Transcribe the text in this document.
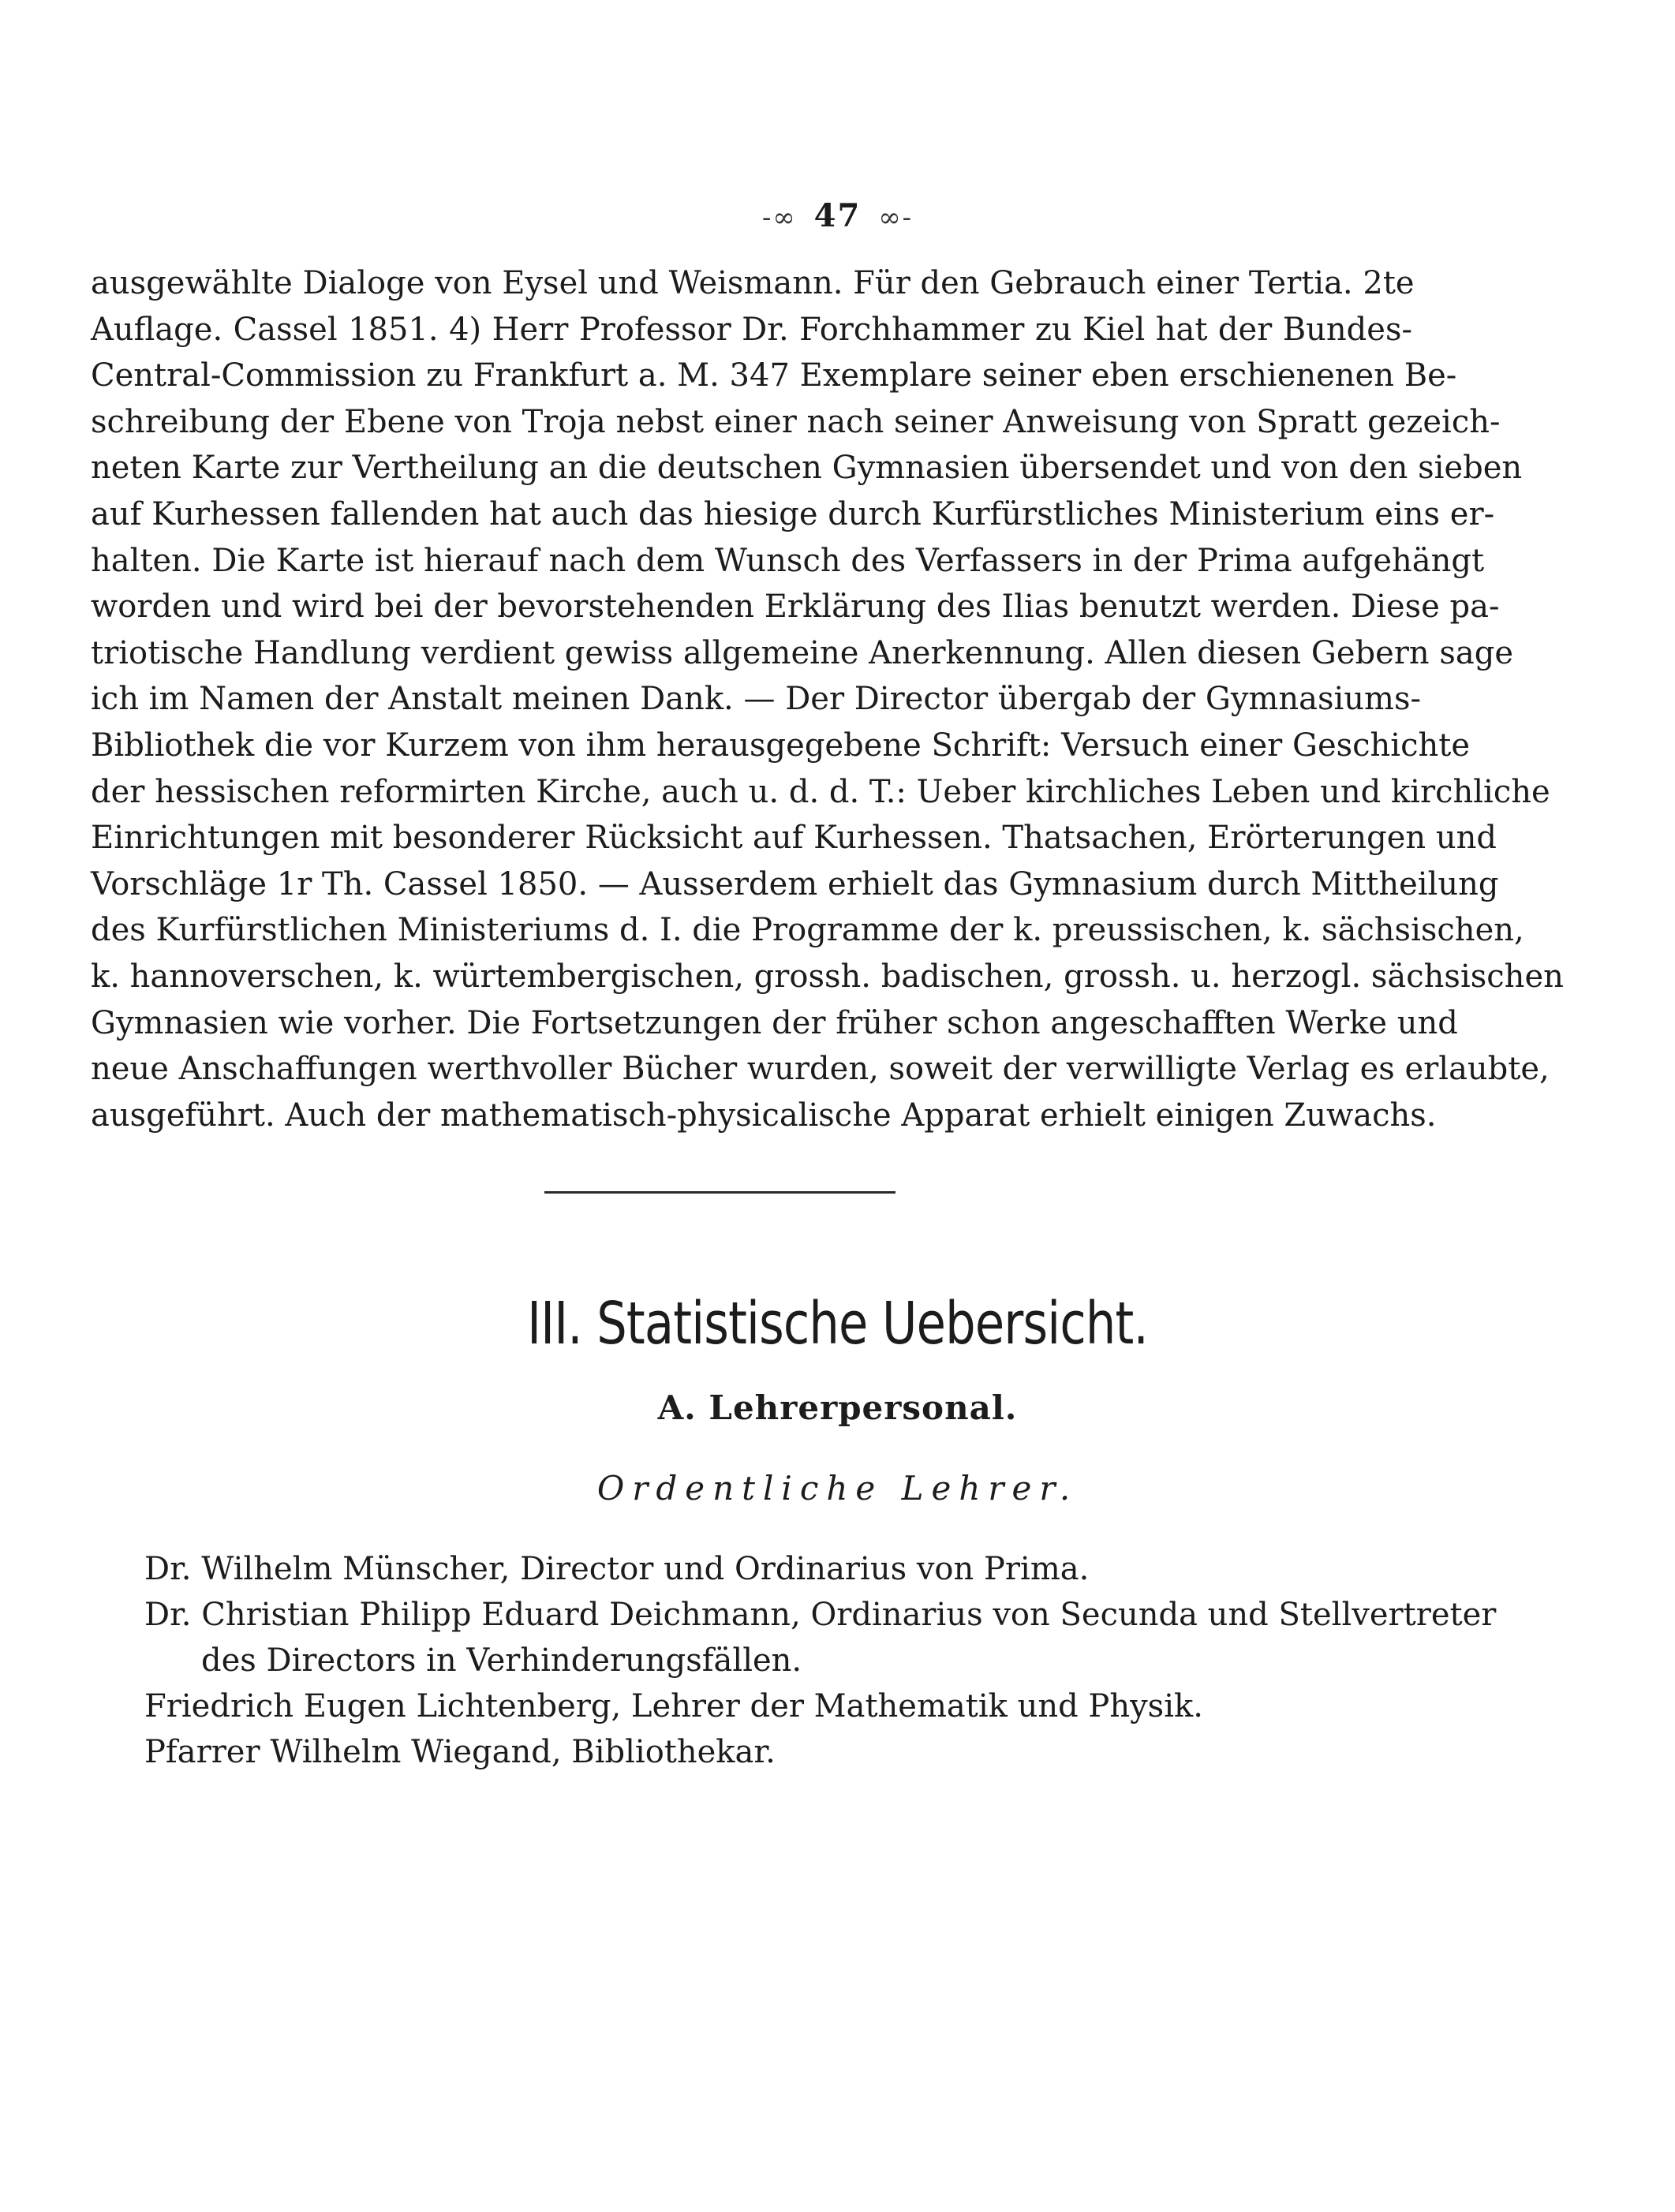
-∞ 47 ∞-
ausgewählte Dialoge von Eysel und Weismann. Für den Gebrauch einer Tertia. 2te
Auflage. Cassel 1851. 4) Herr Professor Dr. Forchhammer zu Kiel hat der Bundes-
Central-Commission zu Frankfurt a. M. 347 Exemplare seiner eben erschienenen Be-
schreibung der Ebene von Troja nebst einer nach seiner Anweisung von Spratt gezeich-
neten Karte zur Vertheilung an die deutschen Gymnasien übersendet und von den sieben
auf Kurhessen fallenden hat auch das hiesige durch Kurfürstliches Ministerium eins er-
halten. Die Karte ist hierauf nach dem Wunsch des Verfassers in der Prima aufgehängt
worden und wird bei der bevorstehenden Erklärung des Ilias benutzt werden. Diese pa-
triotische Handlung verdient gewiss allgemeine Anerkennung. Allen diesen Gebern sage
ich im Namen der Anstalt meinen Dank. — Der Director übergab der Gymnasiums-
Bibliothek die vor Kurzem von ihm herausgegebene Schrift: Versuch einer Geschichte
der hessischen reformirten Kirche, auch u. d. d. T.: Ueber kirchliches Leben und kirchliche
Einrichtungen mit besonderer Rücksicht auf Kurhessen. Thatsachen, Erörterungen und
Vorschläge 1r Th. Cassel 1850. — Ausserdem erhielt das Gymnasium durch Mittheilung
des Kurfürstlichen Ministeriums d. I. die Programme der k. preussischen, k. sächsischen,
k. hannoverschen, k. würtembergischen, grossh. badischen, grossh. u. herzogl. sächsischen
Gymnasien wie vorher. Die Fortsetzungen der früher schon angeschafften Werke und
neue Anschaffungen werthvoller Bücher wurden, soweit der verwilligte Verlag es erlaubte,
ausgeführt. Auch der mathematisch-physicalische Apparat erhielt einigen Zuwachs.
III. Statistische Uebersicht.
A. Lehrerpersonal.
Ordentliche Lehrer.
Dr. Wilhelm Münscher, Director und Ordinarius von Prima.
Dr. Christian Philipp Eduard Deichmann, Ordinarius von Secunda und Stellvertreter
des Directors in Verhinderungsfällen.
Friedrich Eugen Lichtenberg, Lehrer der Mathematik und Physik.
Pfarrer Wilhelm Wiegand, Bibliothekar.
